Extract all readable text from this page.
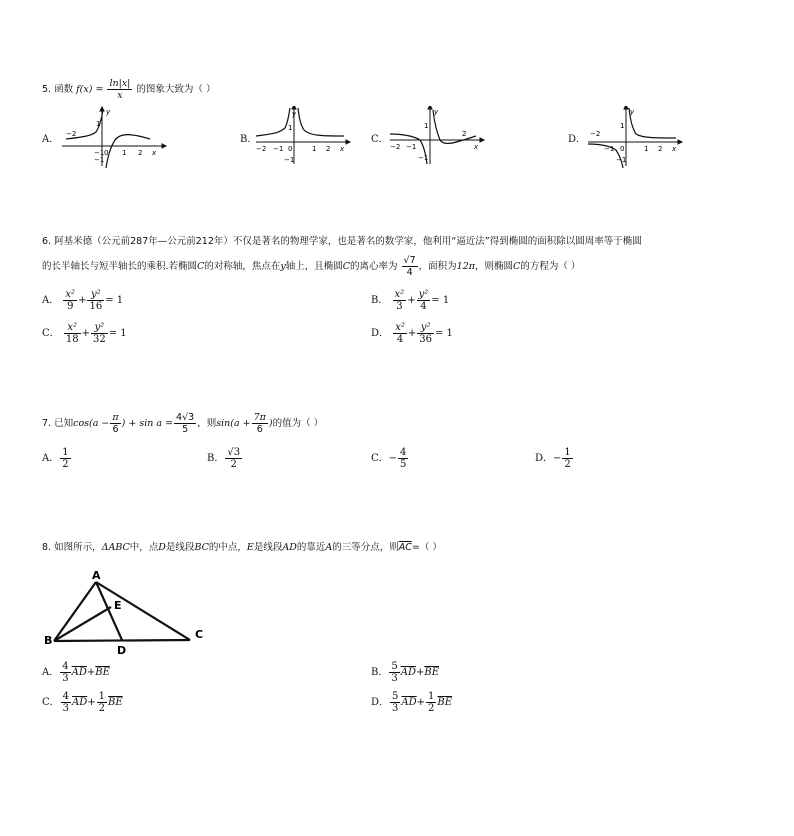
5. 函数 $f(x) = \frac{\ln|x|}{x}$ 的图象大致为（ ）
A．	B．	C．	D．
−2
y
−1 0 1 2 x
−1
1
y
−2 −1 0	1 2 x
1
−1
y
−2 −1
1
2
x
−1
y
−2
−1 0
1
1 2 x
−1
6. 阿基米德（公元前287年—公元前212年）不仅是著名的物理学家，也是著名的数学家，他利用“逼近法”得到椭圆的面积除以圆周率等于椭圆
的长半轴长与短半轴长的乘积.若椭圆C的对称轴，焦点在y轴上，且椭圆C的离心率为 $\frac{√7}{4}$ ，面积为12π，则椭圆C的方程为（ ）
A． $\frac{\text{x²}}{9} + \frac{\text{y²}}{16} = 1$	B． $\frac{\text{x²}}{3} + \frac{\text{y²}}{4} = 1$
C． $\frac{\text{x²}}{18} + \frac{\text{y²}}{32} = 1$	D． $\frac{\text{x²}}{4} + \frac{\text{y²}}{36} = 1$
7. 已知$\cos(a - \frac{\pi}{6}$ ) + $\sin a = \frac{4√3}{5}$ ，则$\sin(a + \frac{7\pi}{6}$ )的值为（ ）
A． $\frac{1}{2}$	B． $\frac{√3}{2}$	C．− $\frac{4}{5}$	D．− $\frac{1}{2}$
8. 如图所示，ΔABC中，点D是线段BC的中点，E是线段AD的靠近A的三等分点，则$\overline{AC}=$（ ）
A
B	C
D
E
A． $\frac{4}{3} \overline{AD}+\overline{BE}$	B． $\frac{5}{3} \overline{AD}+\overline{BE}$
C． $\frac{4}{3} \overline{AD}+ \frac{1}{2} \overline{BE}$	D． $\frac{5}{3} \overline{AD}+ \frac{1}{2} \overline{BE}$
